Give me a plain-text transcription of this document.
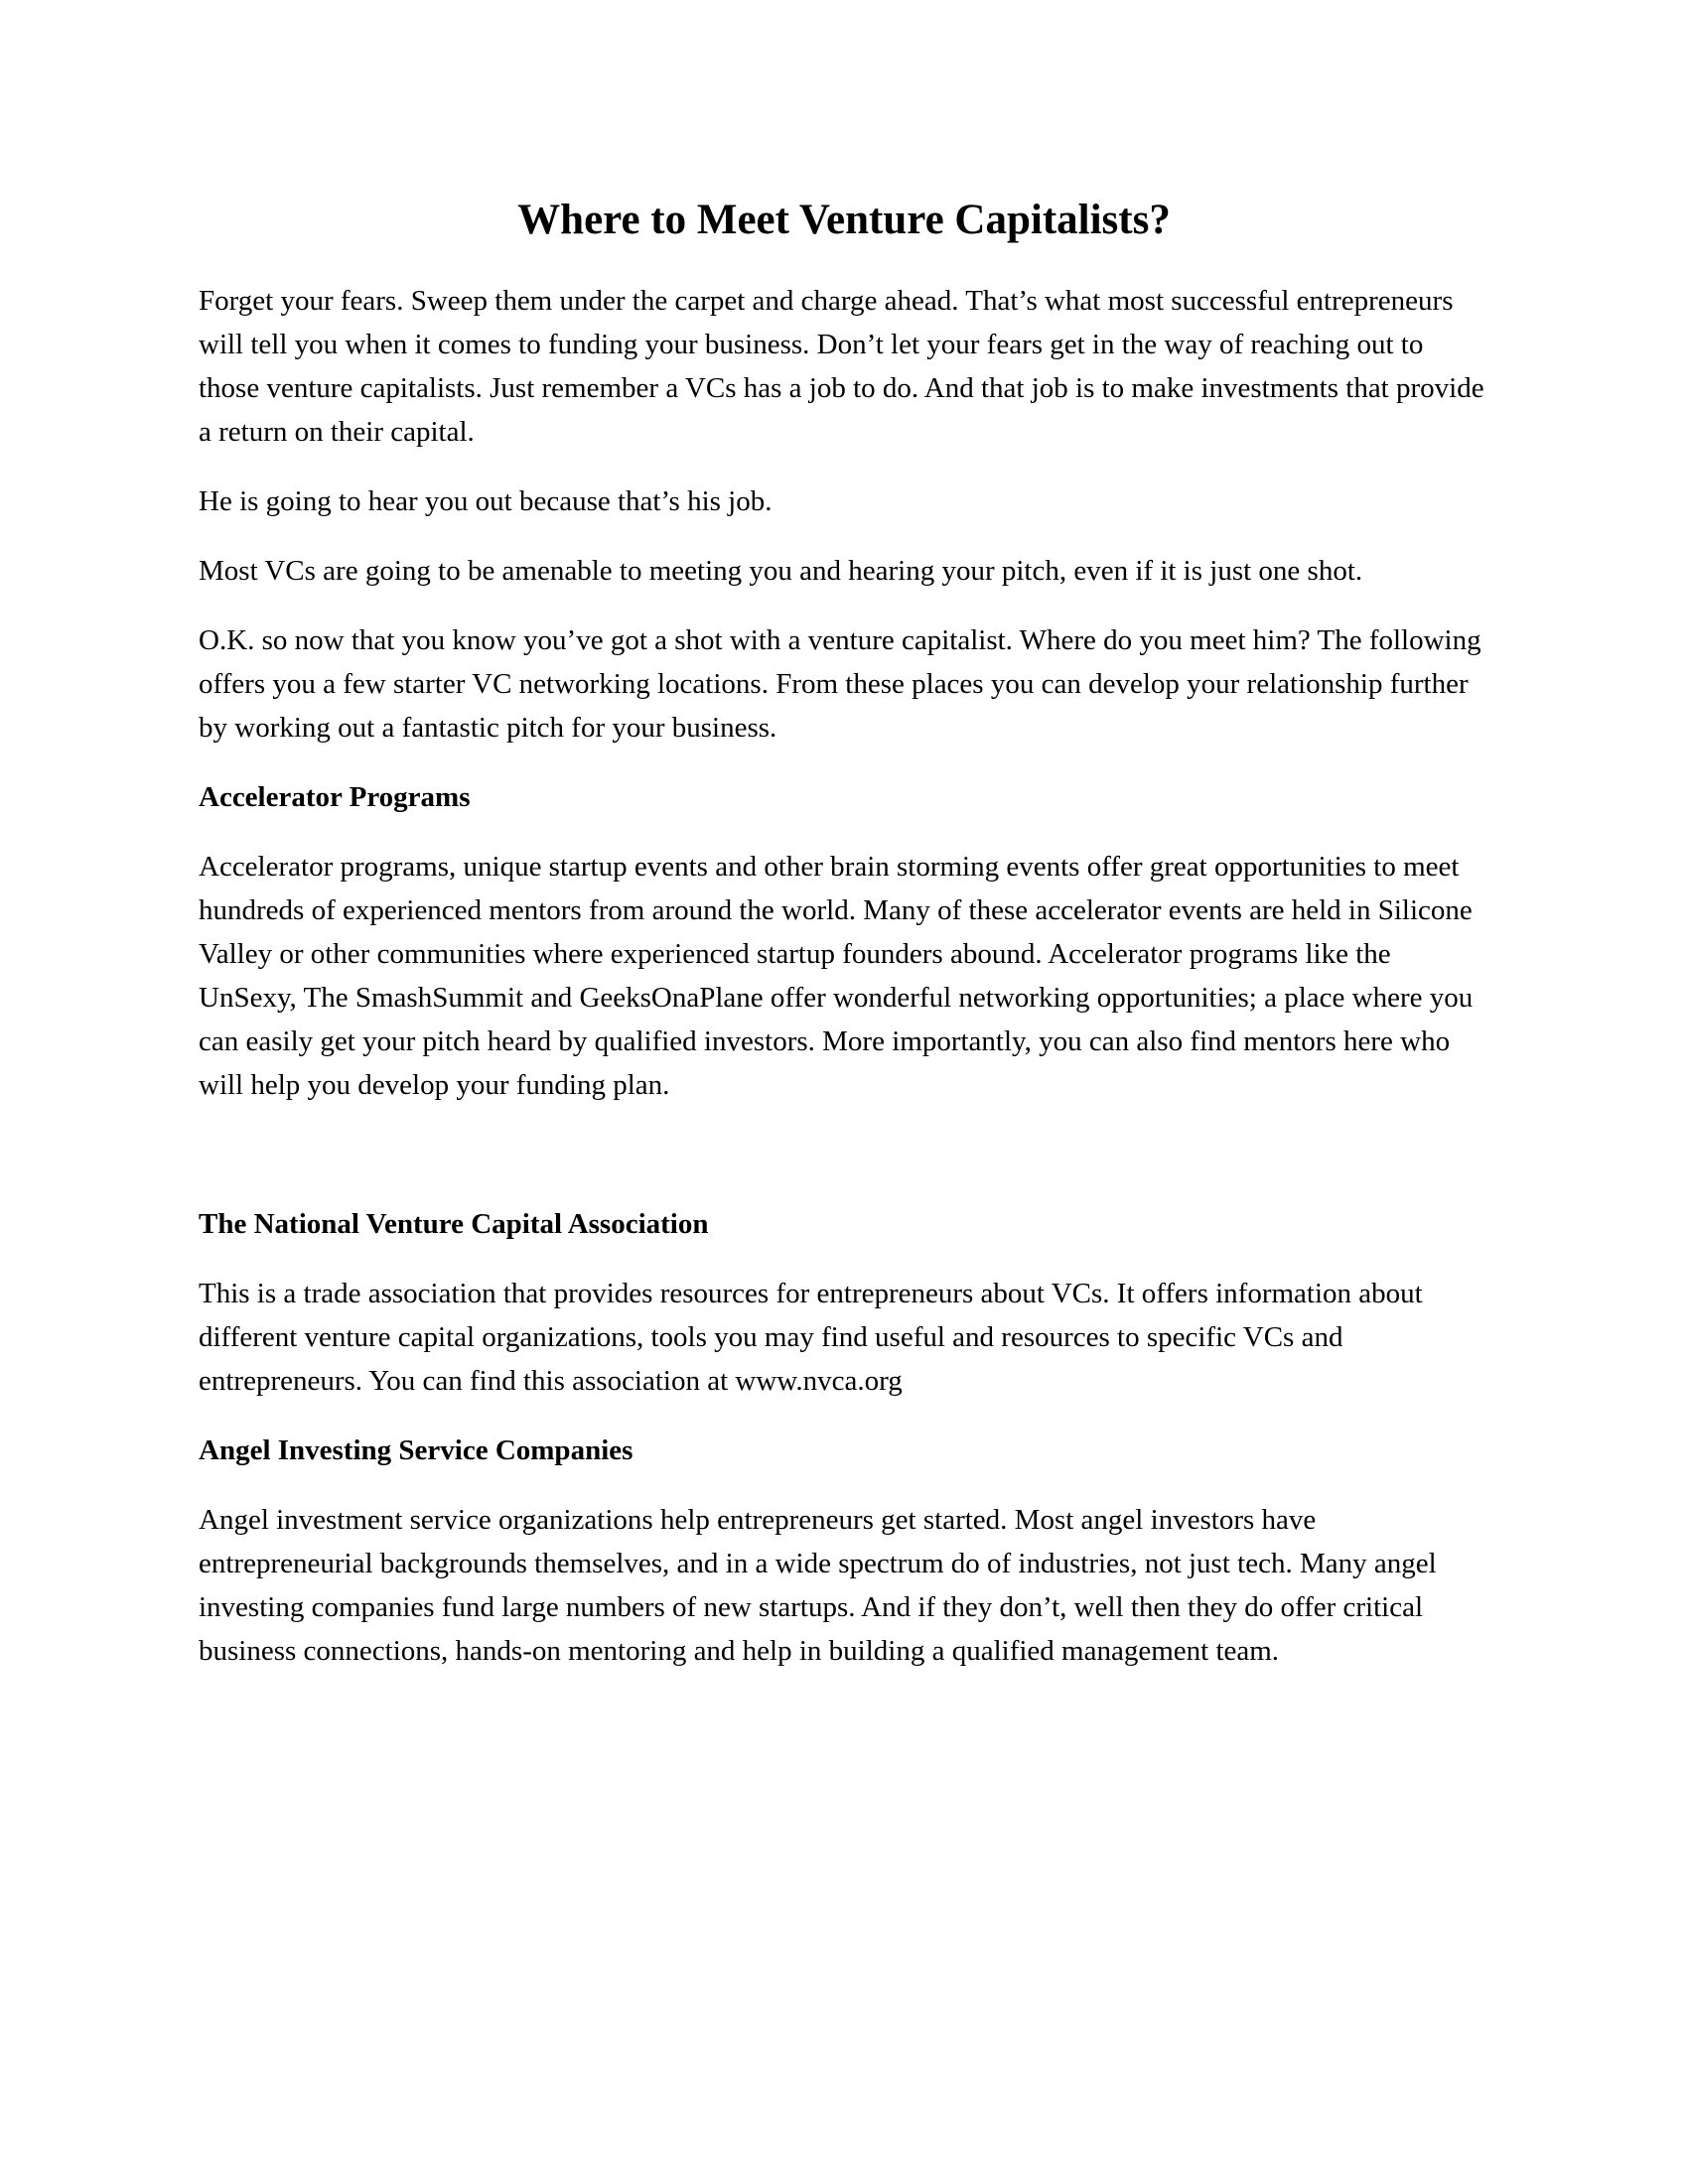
Where to Meet Venture Capitalists?

Forget your fears. Sweep them under the carpet and charge ahead. That’s what most successful entrepreneurs will tell you when it comes to funding your business. Don’t let your fears get in the way of reaching out to those venture capitalists. Just remember a VCs has a job to do. And that job is to make investments that provide a return on their capital.

He is going to hear you out because that’s his job.

Most VCs are going to be amenable to meeting you and hearing your pitch, even if it is just one shot.

O.K. so now that you know you’ve got a shot with a venture capitalist. Where do you meet him? The following offers you a few starter VC networking locations. From these places you can develop your relationship further by working out a fantastic pitch for your business.

Accelerator Programs

Accelerator programs, unique startup events and other brain storming events offer great opportunities to meet hundreds of experienced mentors from around the world. Many of these accelerator events are held in Silicone Valley or other communities where experienced startup founders abound. Accelerator programs like the UnSexy, The SmashSummit and GeeksOnaPlane offer wonderful networking opportunities; a place where you can easily get your pitch heard by qualified investors. More importantly, you can also find mentors here who will help you develop your funding plan.

The National Venture Capital Association

This is a trade association that provides resources for entrepreneurs about VCs. It offers information about different venture capital organizations, tools you may find useful and resources to specific VCs and entrepreneurs. You can find this association at www.nvca.org

Angel Investing Service Companies

Angel investment service organizations help entrepreneurs get started. Most angel investors have entrepreneurial backgrounds themselves, and in a wide spectrum do of industries, not just tech. Many angel investing companies fund large numbers of new startups. And if they don’t, well then they do offer critical business connections, hands-on mentoring and help in building a qualified management team.
